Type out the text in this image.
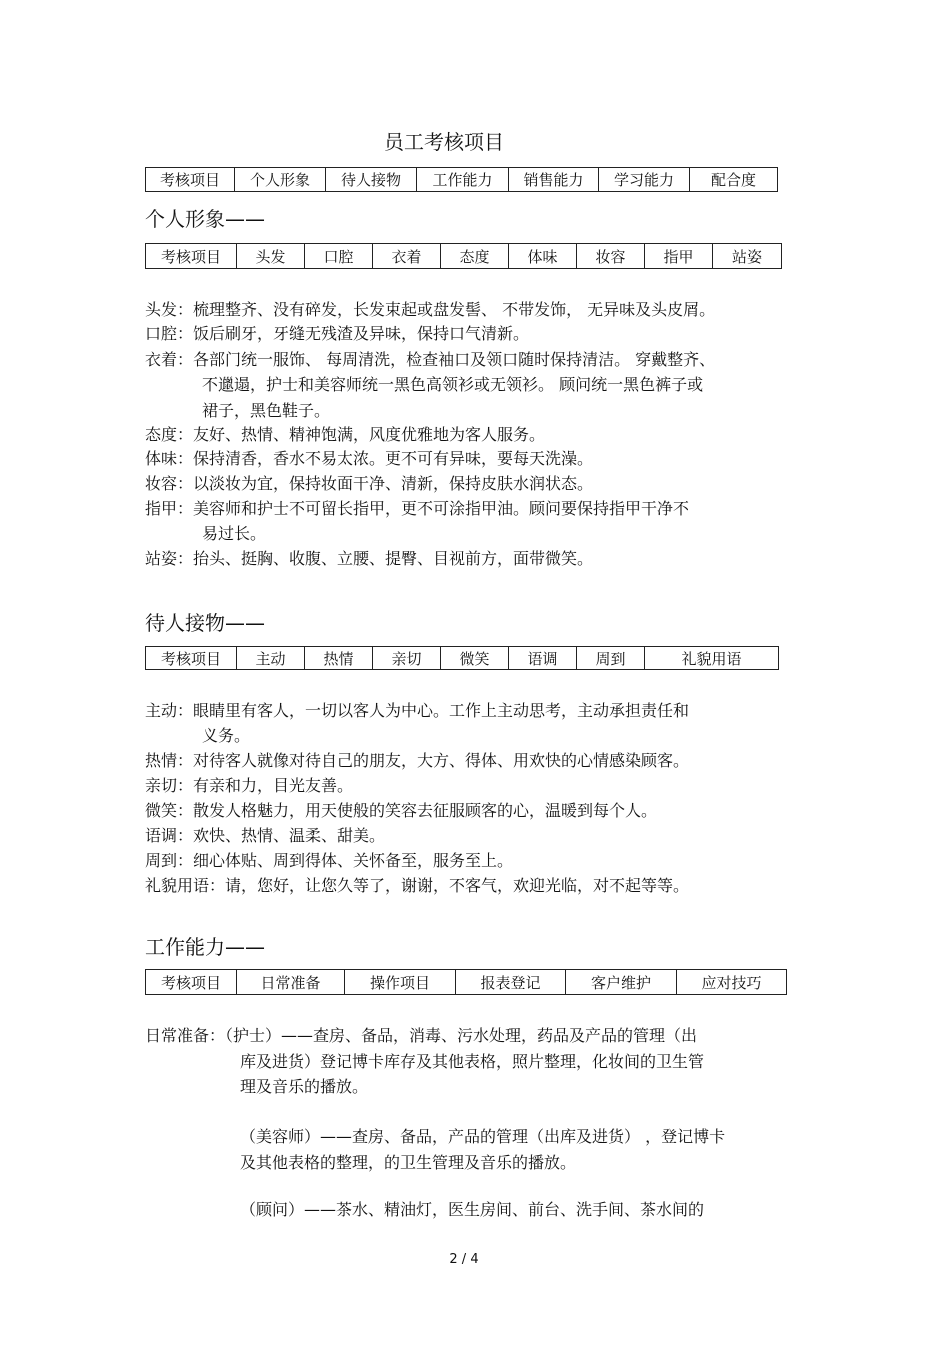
员工考核项目
考核项目	个人形象	待人接物	工作能力	销售能力	学习能力	配合度
个人形象——
考核项目	头发	口腔	衣着	态度	体味	妆容	指甲	站姿
头发：梳理整齐、没有碎发，长发束起或盘发髻、 不带发饰， 无异味及头皮屑。
口腔：饭后刷牙，牙缝无残渣及异味，保持口气清新。
衣着：各部门统一服饰、 每周清洗，检查袖口及领口随时保持清洁。 穿戴整齐、
不邋遢，护士和美容师统一黑色高领衫或无领衫。 顾问统一黑色裤子或
裙子，黑色鞋子。
态度：友好、热情、精神饱满，风度优雅地为客人服务。
体味：保持清香，香水不易太浓。更不可有异味，要每天洗澡。
妆容：以淡妆为宜，保持妆面干净、清新，保持皮肤水润状态。
指甲：美容师和护士不可留长指甲，更不可涂指甲油。顾问要保持指甲干净不
易过长。
站姿：抬头、挺胸、收腹、立腰、提臀、目视前方，面带微笑。
待人接物——
考核项目	主动	热情	亲切	微笑	语调	周到	礼貌用语
主动：眼睛里有客人，一切以客人为中心。工作上主动思考，主动承担责任和
义务。
热情：对待客人就像对待自己的朋友，大方、得体、用欢快的心情感染顾客。
亲切：有亲和力，目光友善。
微笑：散发人格魅力，用天使般的笑容去征服顾客的心，温暖到每个人。
语调：欢快、热情、温柔、甜美。
周到：细心体贴、周到得体、关怀备至，服务至上。
礼貌用语：请，您好，让您久等了，谢谢，不客气，欢迎光临，对不起等等。
工作能力——
考核项目	日常准备	操作项目	报表登记	客户维护	应对技巧
日常准备：（护士）——查房、备品，消毒、污水处理，药品及产品的管理（出
库及进货）登记博卡库存及其他表格，照片整理，化妆间的卫生管
理及音乐的播放。
（美容师）——查房、备品，产品的管理（出库及进货） ，登记博卡
及其他表格的整理，的卫生管理及音乐的播放。
（顾问）——茶水、精油灯，医生房间、前台、洗手间、茶水间的
2 / 4
